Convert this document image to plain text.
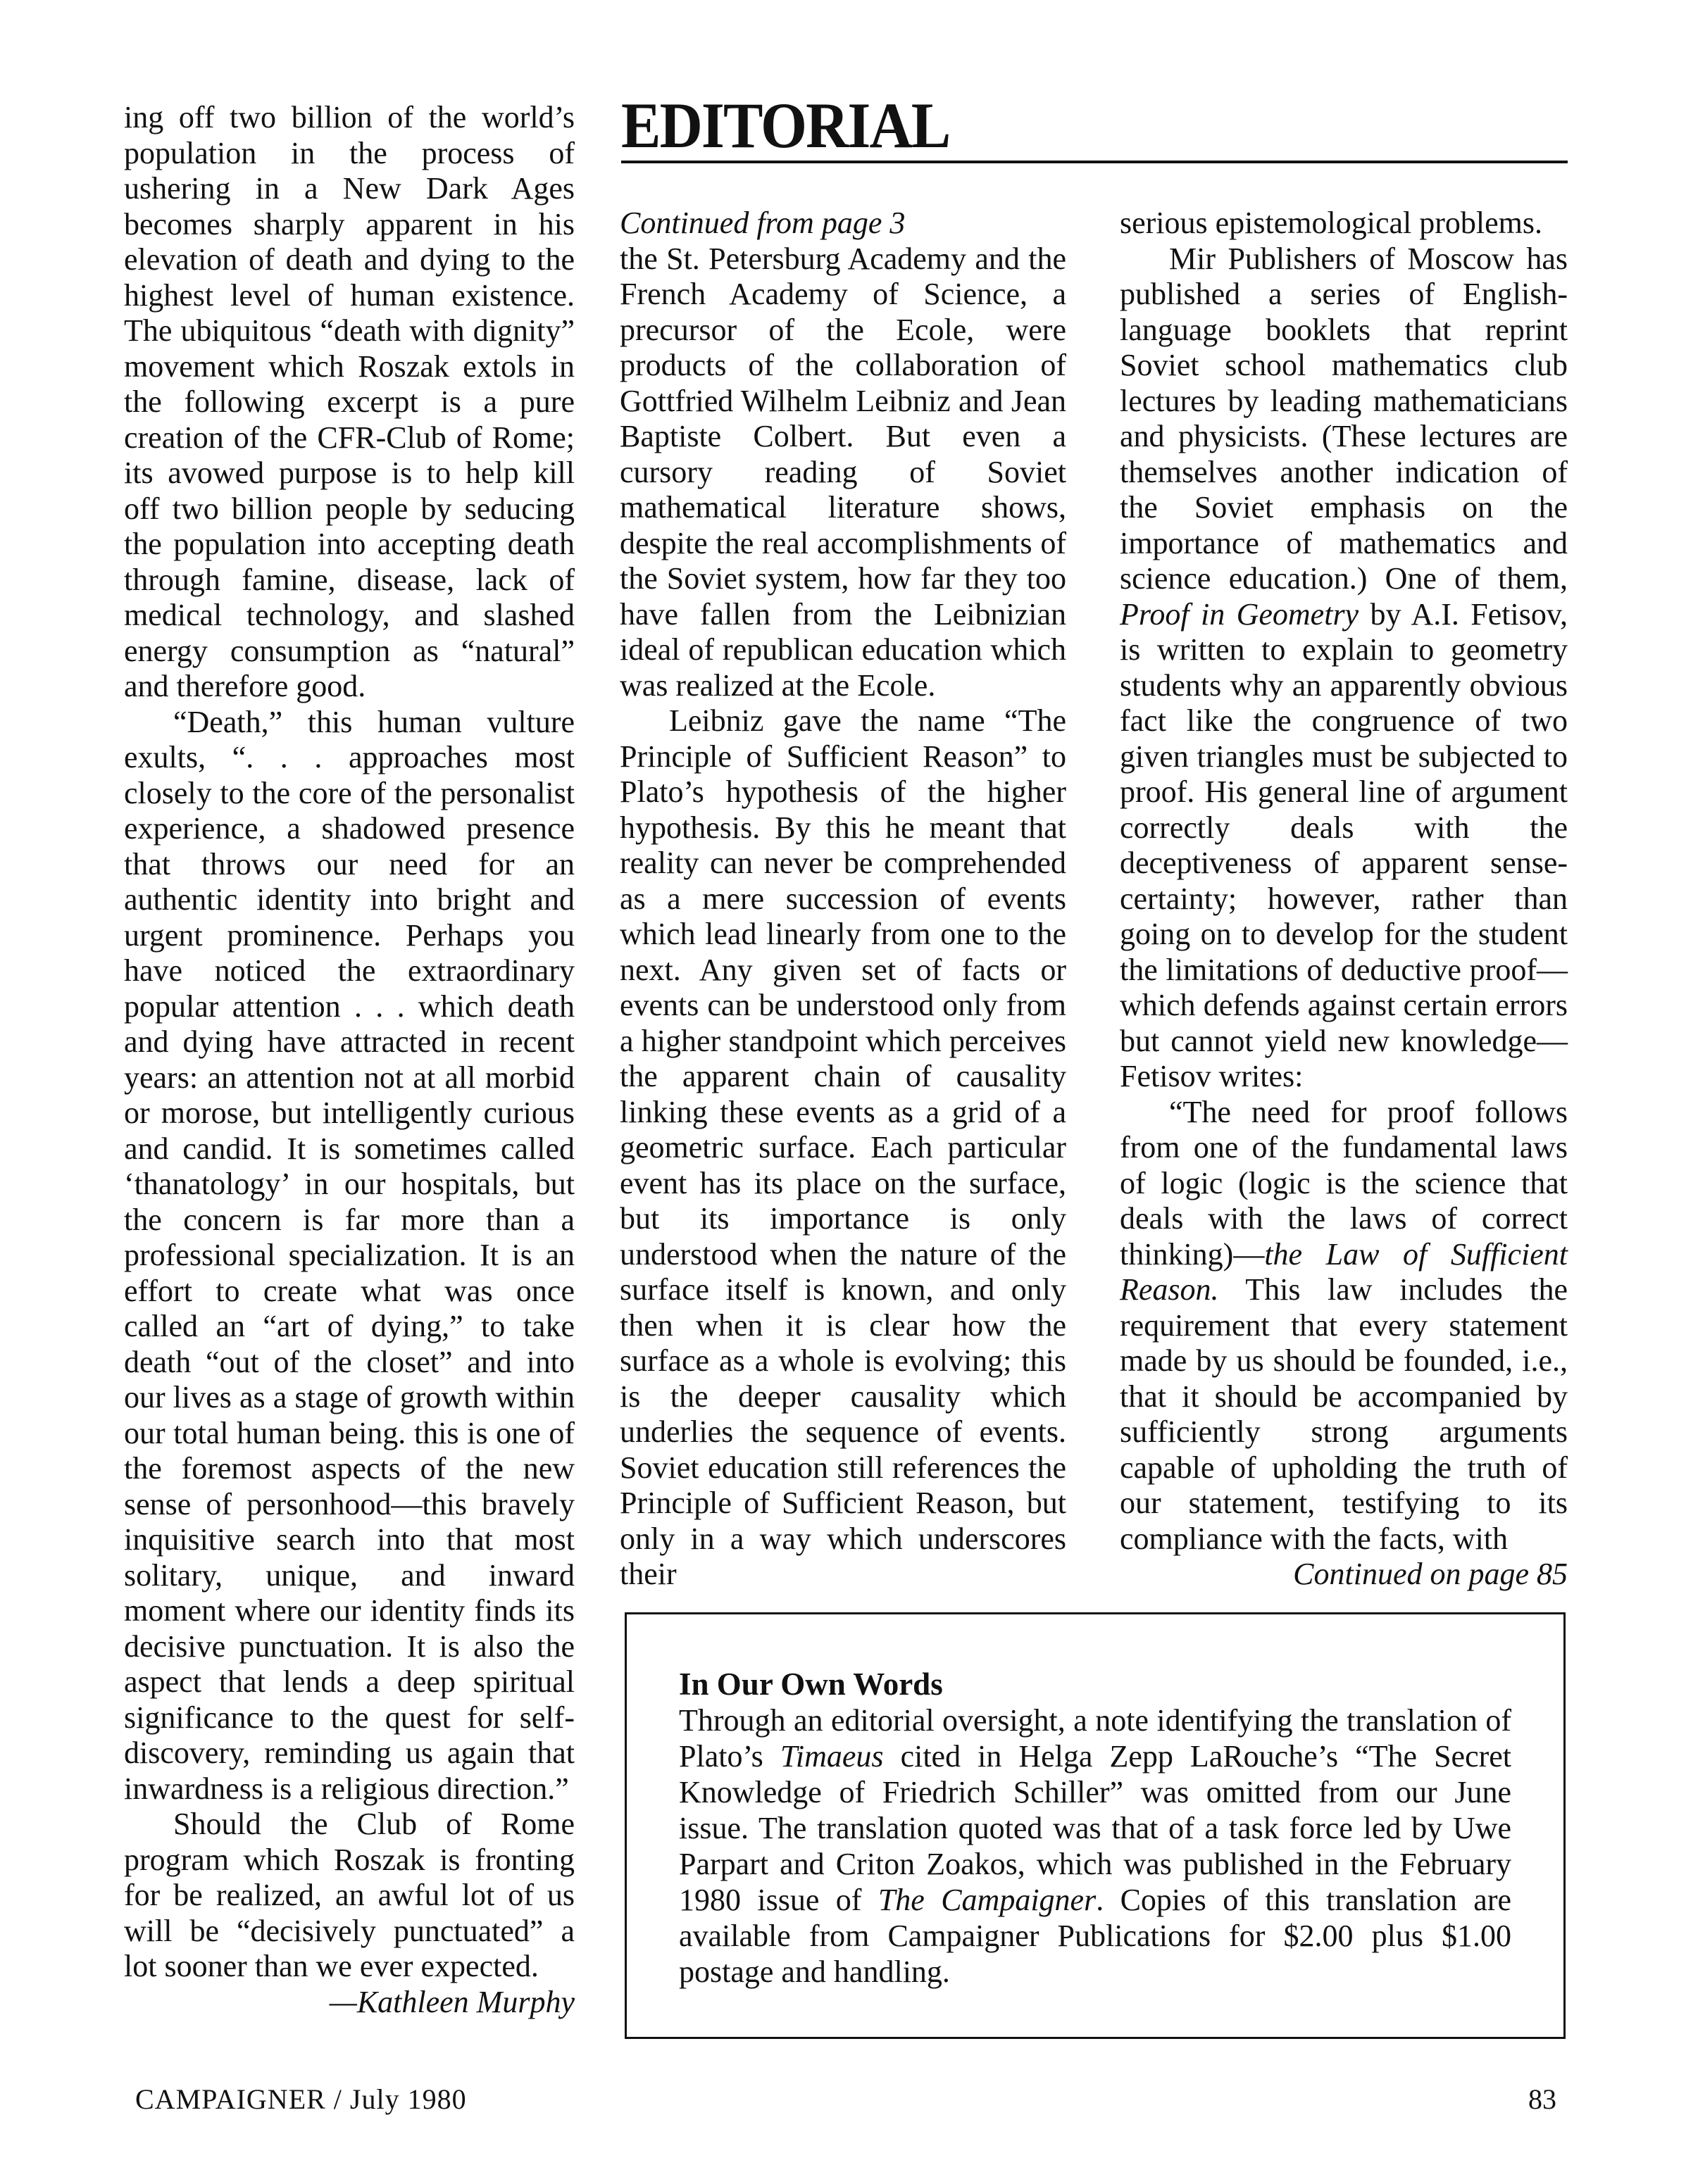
ing off two billion of the world’s population in the process of ushering in a New Dark Ages becomes sharply apparent in his elevation of death and dying to the highest level of human existence. The ubiquitous “death with dignity” movement which Roszak extols in the following excerpt is a pure creation of the CFR-Club of Rome; its avowed purpose is to help kill off two billion people by seducing the population into accepting death through famine, disease, lack of medical technology, and slashed energy consumption as “natural” and therefore good.

“Death,” this human vulture exults, “. . . approaches most closely to the core of the personalist experience, a shadowed presence that throws our need for an authentic identity into bright and urgent prominence. Perhaps you have noticed the extraordinary popular attention . . . which death and dying have attracted in recent years: an attention not at all morbid or morose, but intelligently curious and candid. It is sometimes called ‘thanatology’ in our hospitals, but the concern is far more than a professional specialization. It is an effort to create what was once called an “art of dying,” to take death “out of the closet” and into our lives as a stage of growth within our total human being. this is one of the foremost aspects of the new sense of personhood—this bravely inquisitive search into that most solitary, unique, and inward moment where our identity finds its decisive punctuation. It is also the aspect that lends a deep spiritual significance to the quest for self-discovery, reminding us again that inwardness is a religious direction.”

Should the Club of Rome program which Roszak is fronting for be realized, an awful lot of us will be “decisively punctuated” a lot sooner than we ever expected.

—Kathleen Murphy
EDITORIAL
Continued from page 3

the St. Petersburg Academy and the French Academy of Science, a precursor of the Ecole, were products of the collaboration of Gottfried Wilhelm Leibniz and Jean Baptiste Colbert. But even a cursory reading of Soviet mathematical literature shows, despite the real accomplishments of the Soviet system, how far they too have fallen from the Leibnizian ideal of republican education which was realized at the Ecole.

Leibniz gave the name “The Principle of Sufficient Reason” to Plato’s hypothesis of the higher hypothesis. By this he meant that reality can never be comprehended as a mere succession of events which lead linearly from one to the next. Any given set of facts or events can be understood only from a higher standpoint which perceives the apparent chain of causality linking these events as a grid of a geometric surface. Each particular event has its place on the surface, but its importance is only understood when the nature of the surface itself is known, and only then when it is clear how the surface as a whole is evolving; this is the deeper causality which underlies the sequence of events. Soviet education still references the Principle of Sufficient Reason, but only in a way which underscores their

serious epistemological problems.

Mir Publishers of Moscow has published a series of English-language booklets that reprint Soviet school mathematics club lectures by leading mathematicians and physicists. (These lectures are themselves another indication of the Soviet emphasis on the importance of mathematics and science education.) One of them, Proof in Geometry by A.I. Fetisov, is written to explain to geometry students why an apparently obvious fact like the congruence of two given triangles must be subjected to proof. His general line of argument correctly deals with the deceptiveness of apparent sense-certainty; however, rather than going on to develop for the student the limitations of deductive proof—which defends against certain errors but cannot yield new knowledge—Fetisov writes:

“The need for proof follows from one of the fundamental laws of logic (logic is the science that deals with the laws of correct thinking)—the Law of Sufficient Reason. This law includes the requirement that every statement made by us should be founded, i.e., that it should be accompanied by sufficiently strong arguments capable of upholding the truth of our statement, testifying to its compliance with the facts, with

Continued on page 85
In Our Own Words

Through an editorial oversight, a note identifying the translation of Plato’s Timaeus cited in Helga Zepp LaRouche’s “The Secret Knowledge of Friedrich Schiller” was omitted from our June issue. The translation quoted was that of a task force led by Uwe Parpart and Criton Zoakos, which was published in the February 1980 issue of The Campaigner. Copies of this translation are available from Campaigner Publications for $2.00 plus $1.00 postage and handling.

CAMPAIGNER / July 1980	83
